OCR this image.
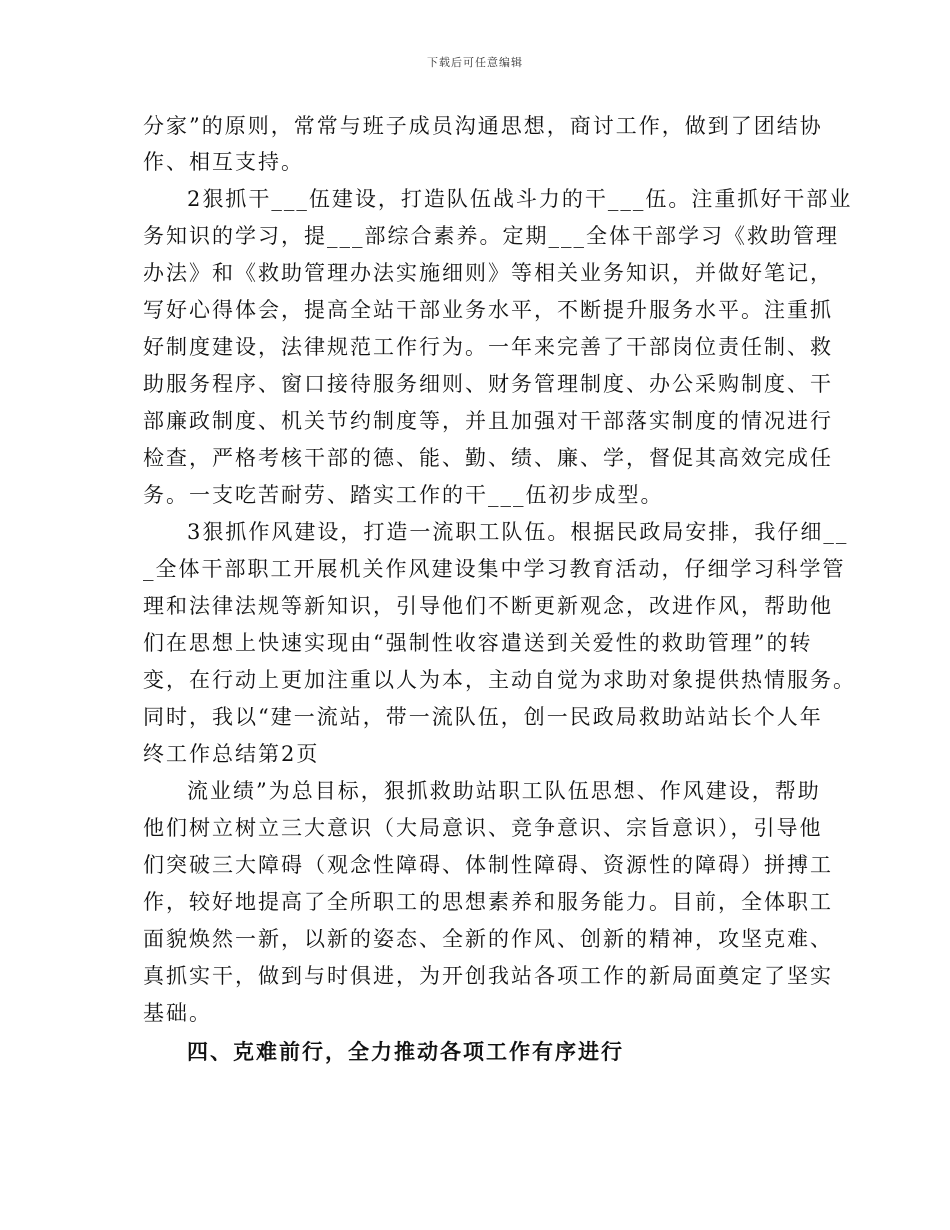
下载后可任意编辑
分家”的原则，常常与班子成员沟通思想，商讨工作，做到了团结协
作、相互支持。
2狠抓干___伍建设，打造队伍战斗力的干___伍。注重抓好干部业
务知识的学习，提___部综合素养。定期___全体干部学习《救助管理
办法》和《救助管理办法实施细则》等相关业务知识，并做好笔记，
写好心得体会，提高全站干部业务水平，不断提升服务水平。注重抓
好制度建设，法律规范工作行为。一年来完善了干部岗位责任制、救
助服务程序、窗口接待服务细则、财务管理制度、办公采购制度、干
部廉政制度、机关节约制度等，并且加强对干部落实制度的情况进行
检查，严格考核干部的德、能、勤、绩、廉、学，督促其高效完成任
务。一支吃苦耐劳、踏实工作的干___伍初步成型。
3狠抓作风建设，打造一流职工队伍。根据民政局安排，我仔细__
_全体干部职工开展机关作风建设集中学习教育活动，仔细学习科学管
理和法律法规等新知识，引导他们不断更新观念，改进作风，帮助他
们在思想上快速实现由“强制性收容遣送到关爱性的救助管理”的转
变，在行动上更加注重以人为本，主动自觉为求助对象提供热情服务。
同时，我以“建一流站，带一流队伍，创一民政局救助站站长个人年
终工作总结第2页
流业绩”为总目标，狠抓救助站职工队伍思想、作风建设，帮助
他们树立树立三大意识（大局意识、竞争意识、宗旨意识），引导他
们突破三大障碍（观念性障碍、体制性障碍、资源性的障碍）拼搏工
作，较好地提高了全所职工的思想素养和服务能力。目前，全体职工
面貌焕然一新，以新的姿态、全新的作风、创新的精神，攻坚克难、
真抓实干，做到与时俱进，为开创我站各项工作的新局面奠定了坚实
基础。
四、克难前行，全力推动各项工作有序进行
